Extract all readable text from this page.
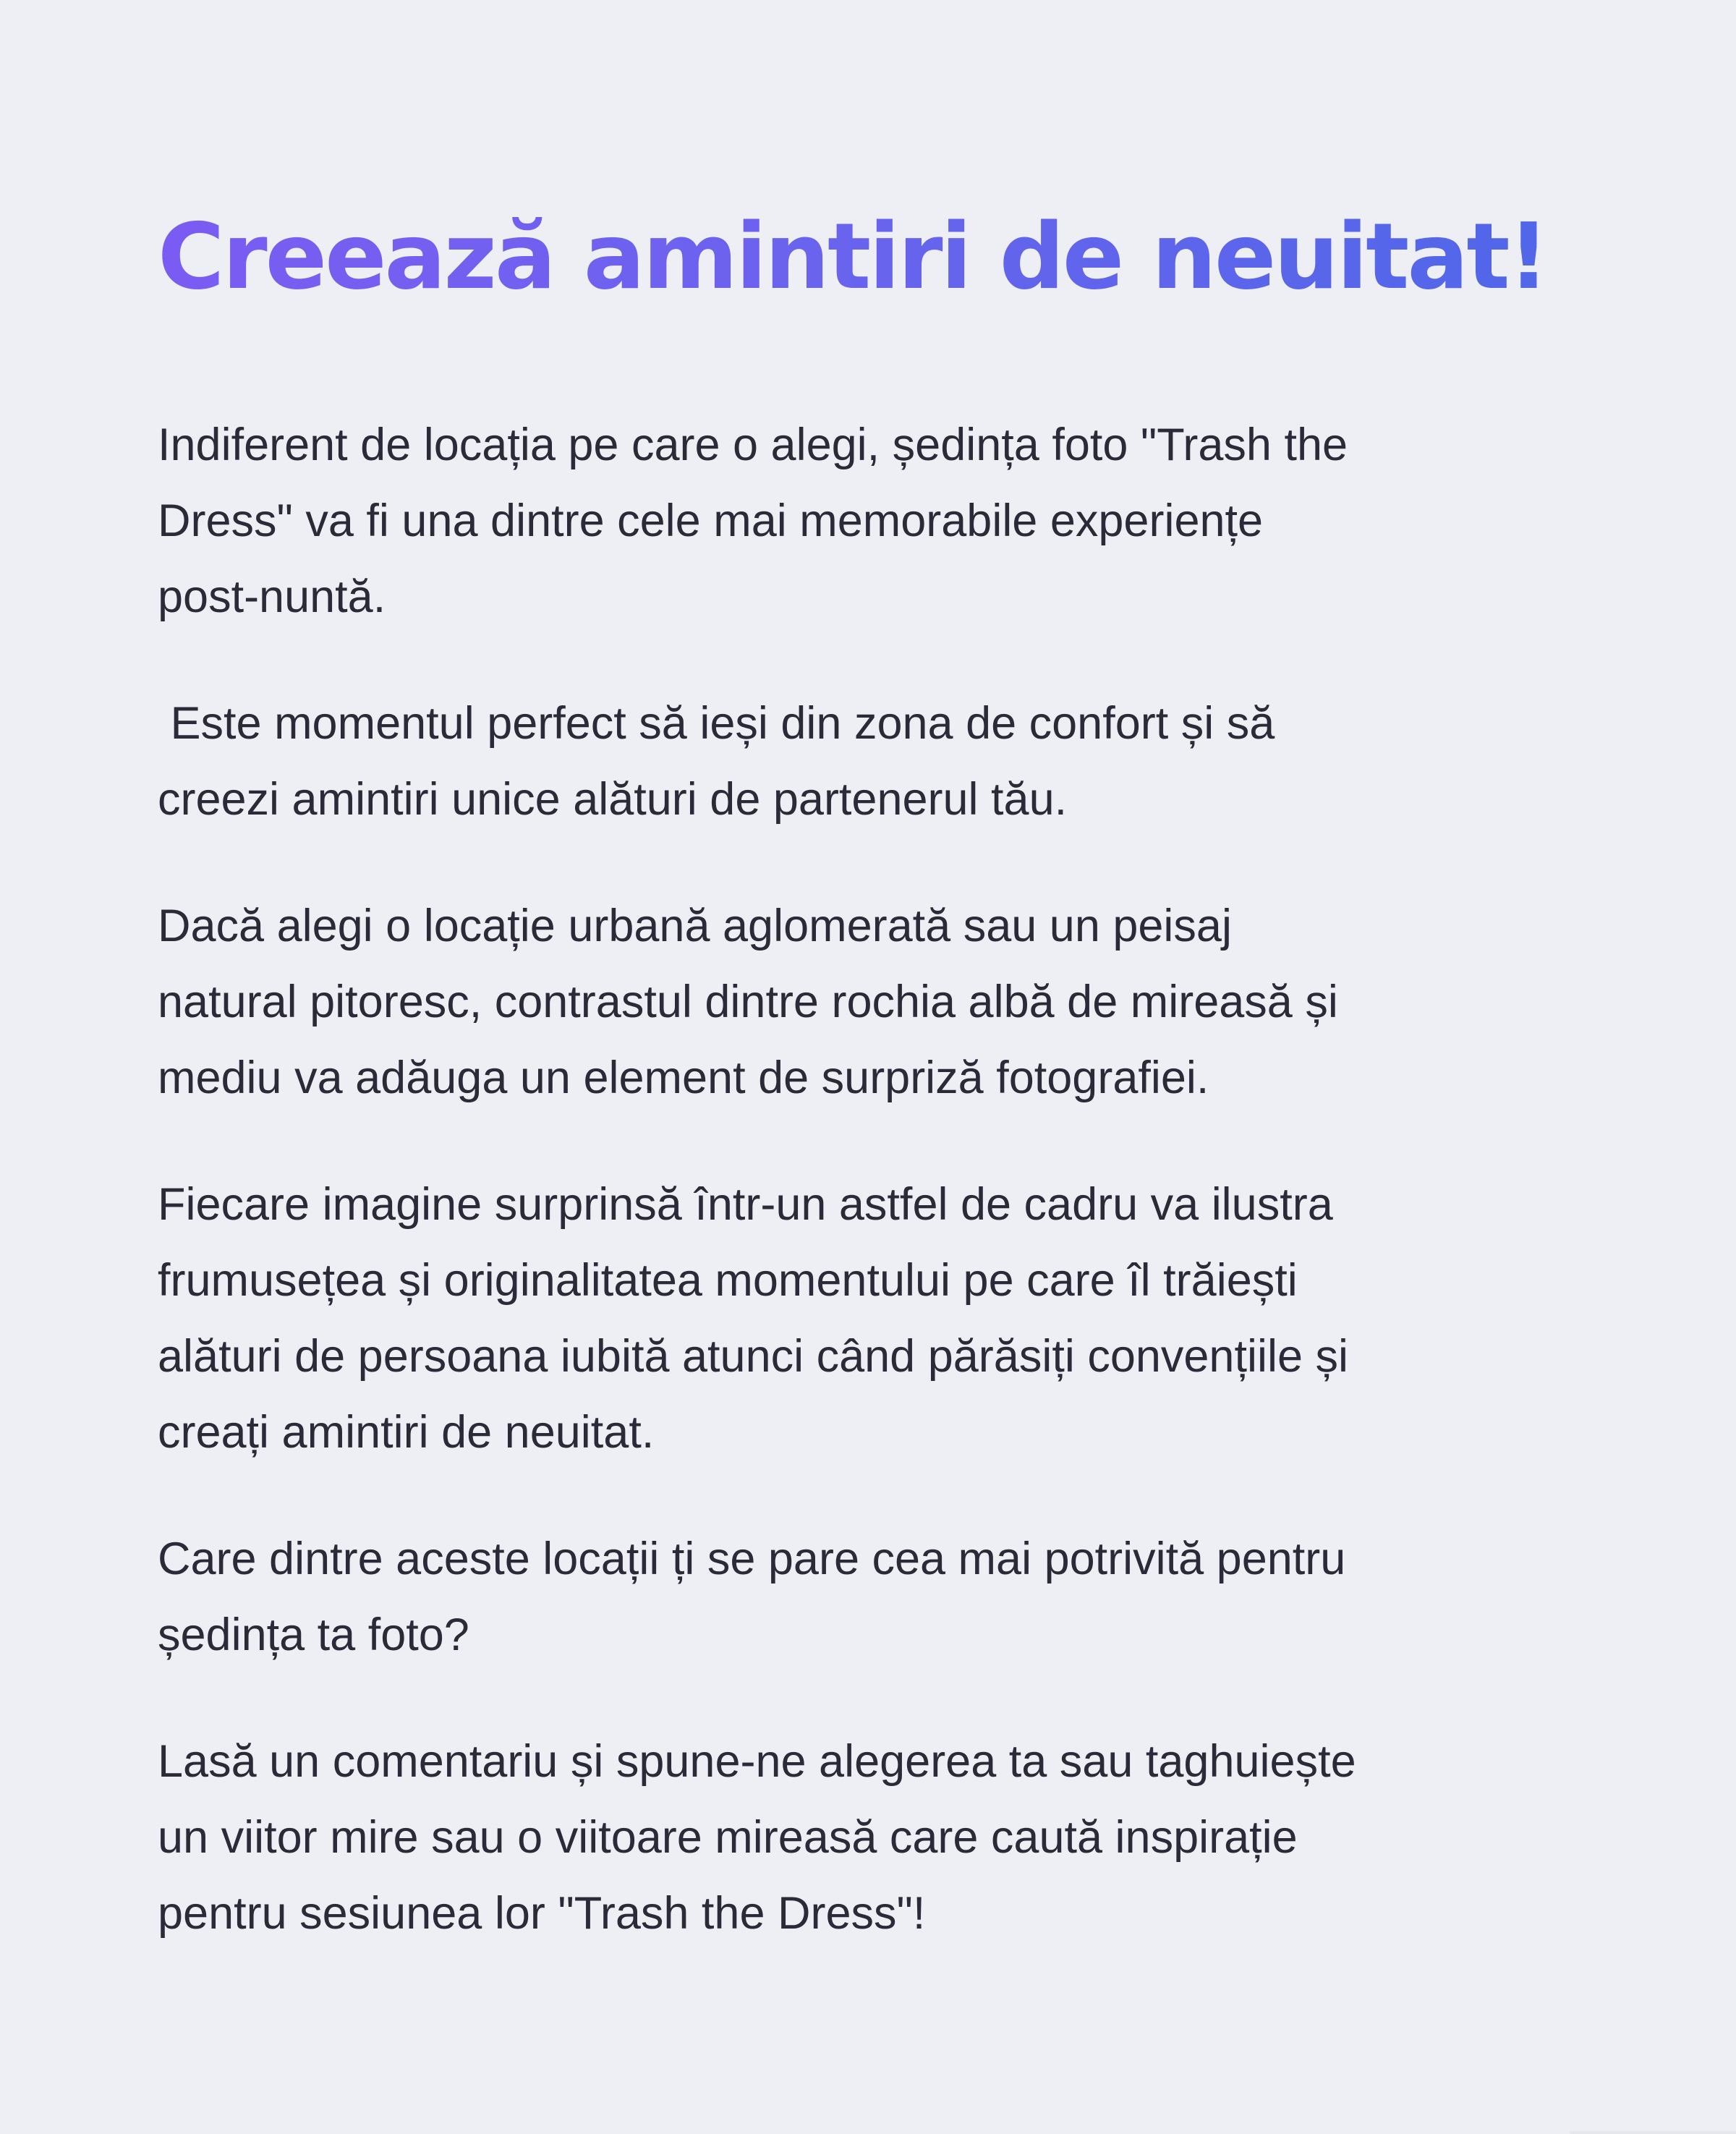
Creează amintiri de neuitat!

Indiferent de locația pe care o alegi, ședința foto "Trash the
Dress" va fi una dintre cele mai memorabile experiențe
post-nuntă.

Este momentul perfect să ieși din zona de confort și să
creezi amintiri unice alături de partenerul tău.

Dacă alegi o locație urbană aglomerată sau un peisaj
natural pitoresc, contrastul dintre rochia albă de mireasă și
mediu va adăuga un element de surpriză fotografiei.

Fiecare imagine surprinsă într-un astfel de cadru va ilustra
frumusețea și originalitatea momentului pe care îl trăiești
alături de persoana iubită atunci când părăsiți convențiile și
creați amintiri de neuitat.

Care dintre aceste locații ți se pare cea mai potrivită pentru
ședința ta foto?

Lasă un comentariu și spune-ne alegerea ta sau taghuiește
un viitor mire sau o viitoare mireasă care caută inspirație
pentru sesiunea lor "Trash the Dress"!
